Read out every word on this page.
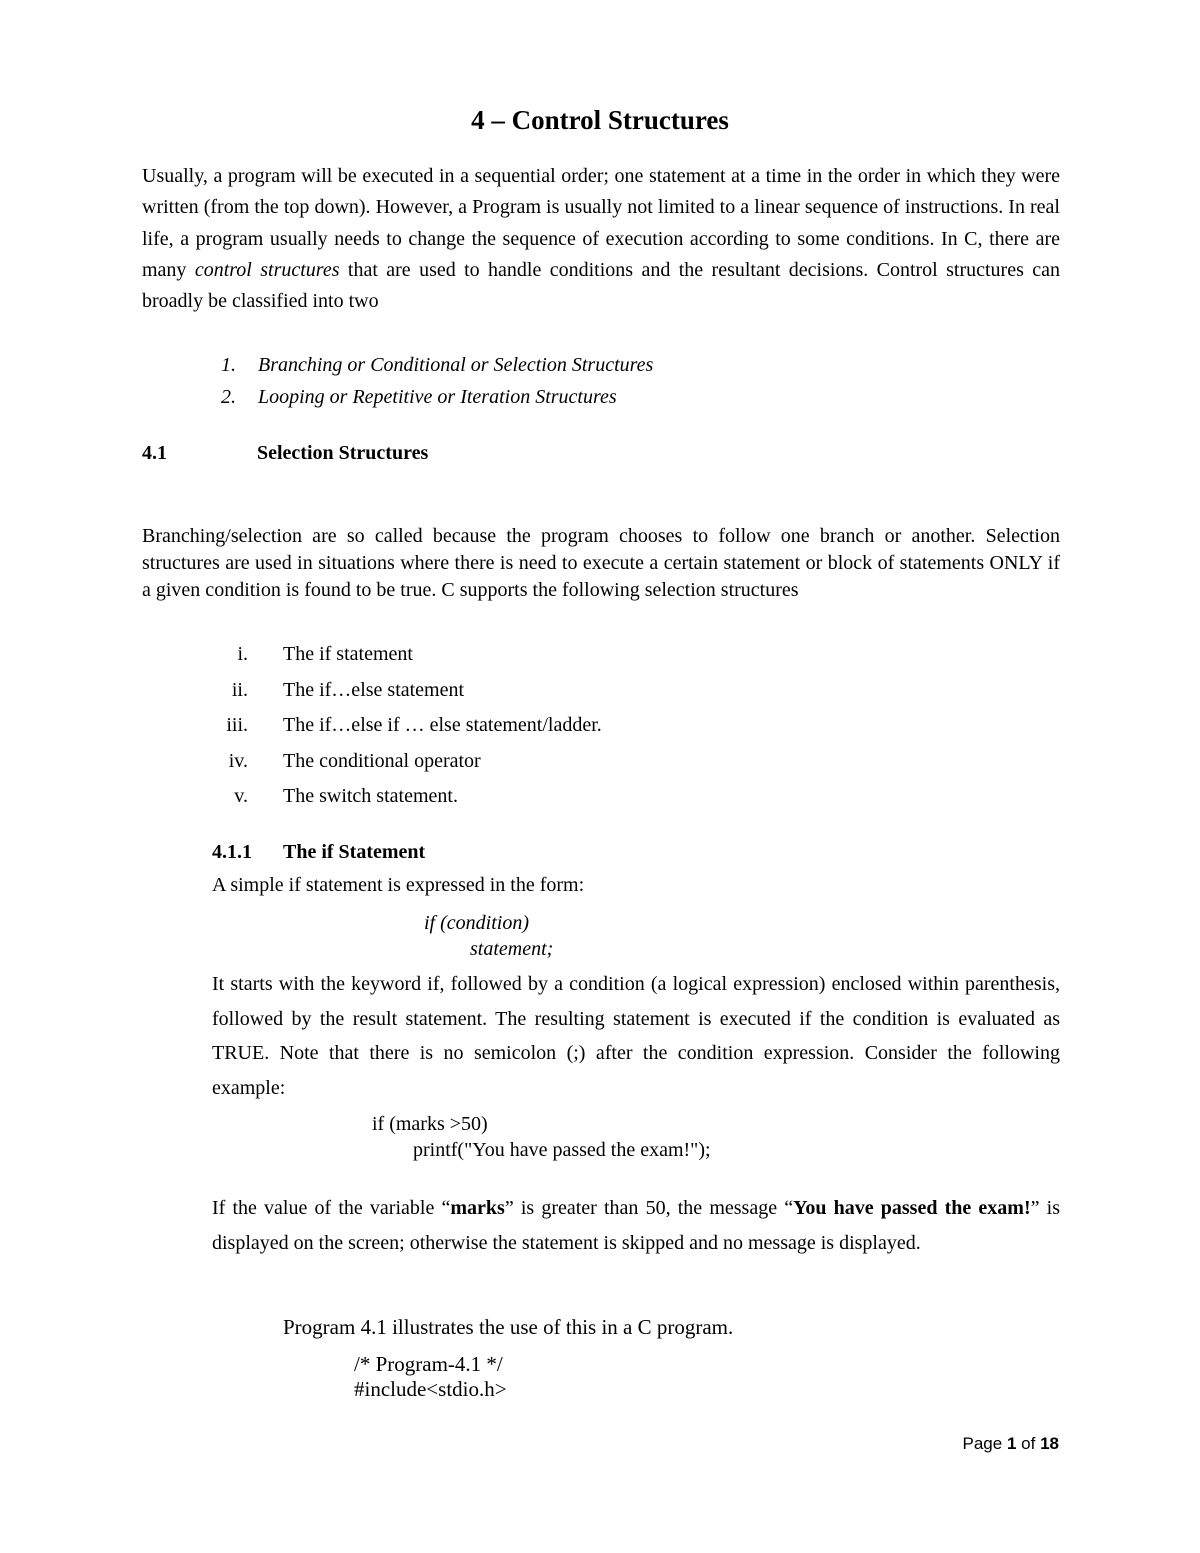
4 – Control Structures

Usually, a program will be executed in a sequential order; one statement at a time in the order in which they were written (from the top down). However, a Program is usually not limited to a linear sequence of instructions. In real life, a program usually needs to change the sequence of execution according to some conditions. In C, there are many control structures that are used to handle conditions and the resultant decisions. Control structures can broadly be classified into two

1. Branching or Conditional or Selection Structures
2. Looping or Repetitive or Iteration Structures
4.1	Selection Structures

Branching/selection are so called because the program chooses to follow one branch or another. Selection structures are used in situations where there is need to execute a certain statement or block of statements ONLY if a given condition is found to be true. C supports the following selection structures

i. The if statement
ii. The if…else statement
iii. The if…else if … else statement/ladder.
iv. The conditional operator
v. The switch statement.
4.1.1 The if Statement

A simple if statement is expressed in the form:

if (condition)
statement;

It starts with the keyword if, followed by a condition (a logical expression) enclosed within parenthesis, followed by the result statement. The resulting statement is executed if the condition is evaluated as TRUE. Note that there is no semicolon (;) after the condition expression. Consider the following example:

if (marks >50)
printf("You have passed the exam!");

If the value of the variable “marks” is greater than 50, the message “You have passed the exam!” is displayed on the screen; otherwise the statement is skipped and no message is displayed.

Program 4.1 illustrates the use of this in a C program.

/* Program-4.1 */
#include<stdio.h>
Page 1 of 18
